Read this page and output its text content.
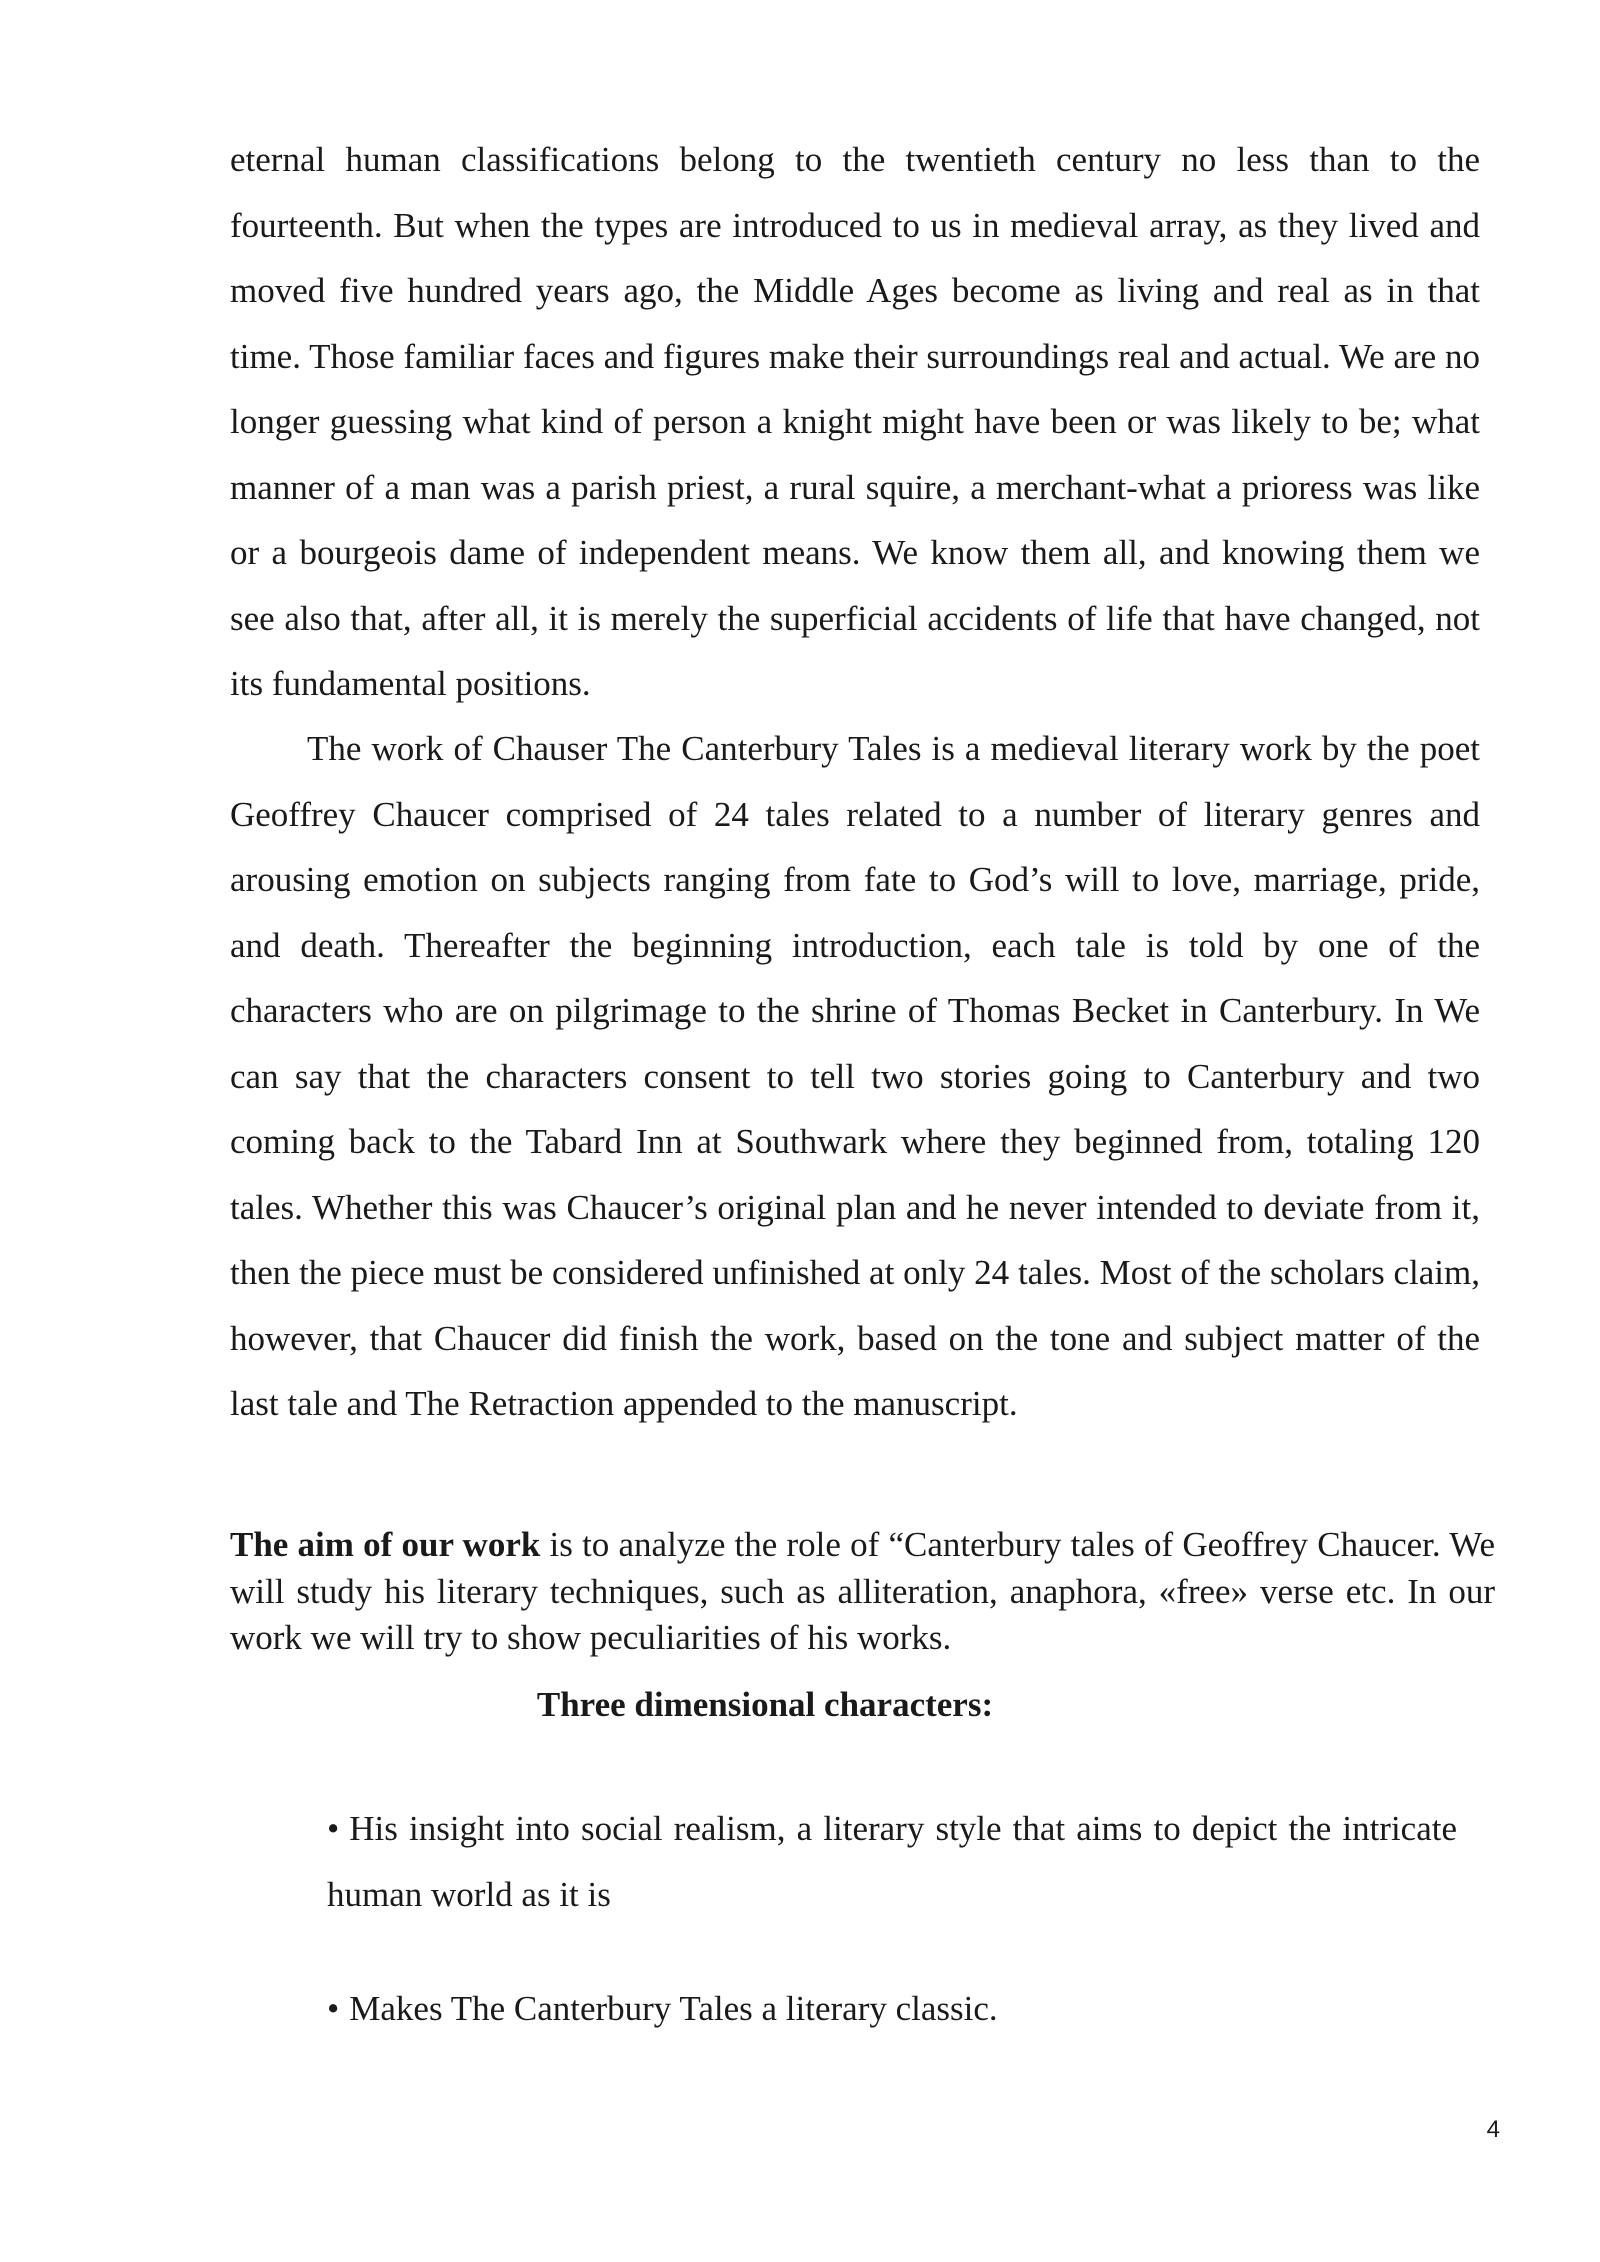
eternal human classifications belong to the twentieth century no less than to the fourteenth. But when the types are introduced to us in medieval array, as they lived and moved five hundred years ago, the Middle Ages become as living and real as in that time. Those familiar faces and figures make their surroundings real and actual. We are no longer guessing what kind of person a knight might have been or was likely to be; what manner of a man was a parish priest, a rural squire, a merchant-what a prioress was like or a bourgeois dame of independent means. We know them all, and knowing them we see also that, after all, it is merely the superficial accidents of life that have changed, not its fundamental positions.

The work of Chauser The Canterbury Tales is a medieval literary work by the poet Geoffrey Chaucer comprised of 24 tales related to a number of literary genres and arousing emotion on subjects ranging from fate to God’s will to love, marriage, pride, and death. Thereafter the beginning introduction, each tale is told by one of the characters who are on pilgrimage to the shrine of Thomas Becket in Canterbury. In We can say that the characters consent to tell two stories going to Canterbury and two coming back to the Tabard Inn at Southwark where they beginned from, totaling 120 tales. Whether this was Chaucer’s original plan and he never intended to deviate from it, then the piece must be considered unfinished at only 24 tales. Most of the scholars claim, however, that Chaucer did finish the work, based on the tone and subject matter of the last tale and The Retraction appended to the manuscript.

The aim of our work is to analyze the role of “Canterbury tales of Geoffrey Chaucer. We will study his literary techniques, such as alliteration, anaphora, «free» verse etc. In our work we will try to show peculiarities of his works.

Three dimensional characters:
• His insight into social realism, a literary style that aims to depict the intricate human world as it is
• Makes The Canterbury Tales a literary classic.
4
